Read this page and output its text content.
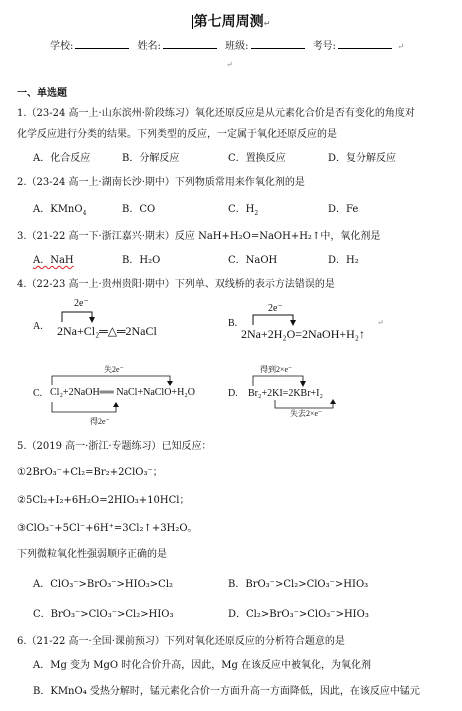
第七周周测↵
学校:	姓名:	班级:	考号:	↵
↵
一、单选题
1.（23-24 高一上·山东滨州·阶段练习）氧化还原反应是从元素化合价是否有变化的角度对
化学反应进行分类的结果。下列类型的反应，一定属于氧化还原反应的是
A．化合反应	B．分解反应	C．置换反应	D．复分解反应
2.（23-24 高一上·湖南长沙·期中）下列物质常用来作氧化剂的是
A．KMnO$_4$	B．CO	C．$H_2$	D．Fe
3.（21-22 高一下·浙江嘉兴·期末）反应 NaH+H₂O=NaOH+H₂↑中，氧化剂是
A．NaH	B．H₂O	C．NaOH	D．H₂
4.（22-23 高一上·贵州贵阳·期中）下列单、双线桥的表示方法错误的是
A.
2e⁻
2Na+Cl₂═△═2NaCl
B.
2e⁻
2Na+2H₂O=2NaOH+H₂↑
↵
C.
失2e⁻
Cl₂+2NaOH══ NaCl+NaClO+H₂O
得2e⁻
D.
得到2×e⁻
Br₂+2KI=2KBr+I₂
失去2×e⁻
5.（2019 高一·浙江·专题练习）已知反应：
①2BrO₃⁻+Cl₂=Br₂+2ClO₃⁻；
②5Cl₂+I₂+6H₂O=2HIO₃+10HCl；
③ClO₃⁻+5Cl⁻+6H⁺=3Cl₂↑+3H₂O。
下列微粒氧化性强弱顺序正确的是
A．ClO₃⁻>BrO₃⁻>HIO₃>Cl₂	B．BrO₃⁻>Cl₂>ClO₃⁻>HIO₃
C．BrO₃⁻>ClO₃⁻>Cl₂>HIO₃	D．Cl₂>BrO₃⁻>ClO₃⁻>HIO₃
6.（21-22 高一·全国·课前预习）下列对氧化还原反应的分析符合题意的是
A．Mg 变为 MgO 时化合价升高，因此，Mg 在该反应中被氧化，为氧化剂
B．KMnO₄ 受热分解时，锰元素化合价一方面升高一方面降低，因此，在该反应中锰元
